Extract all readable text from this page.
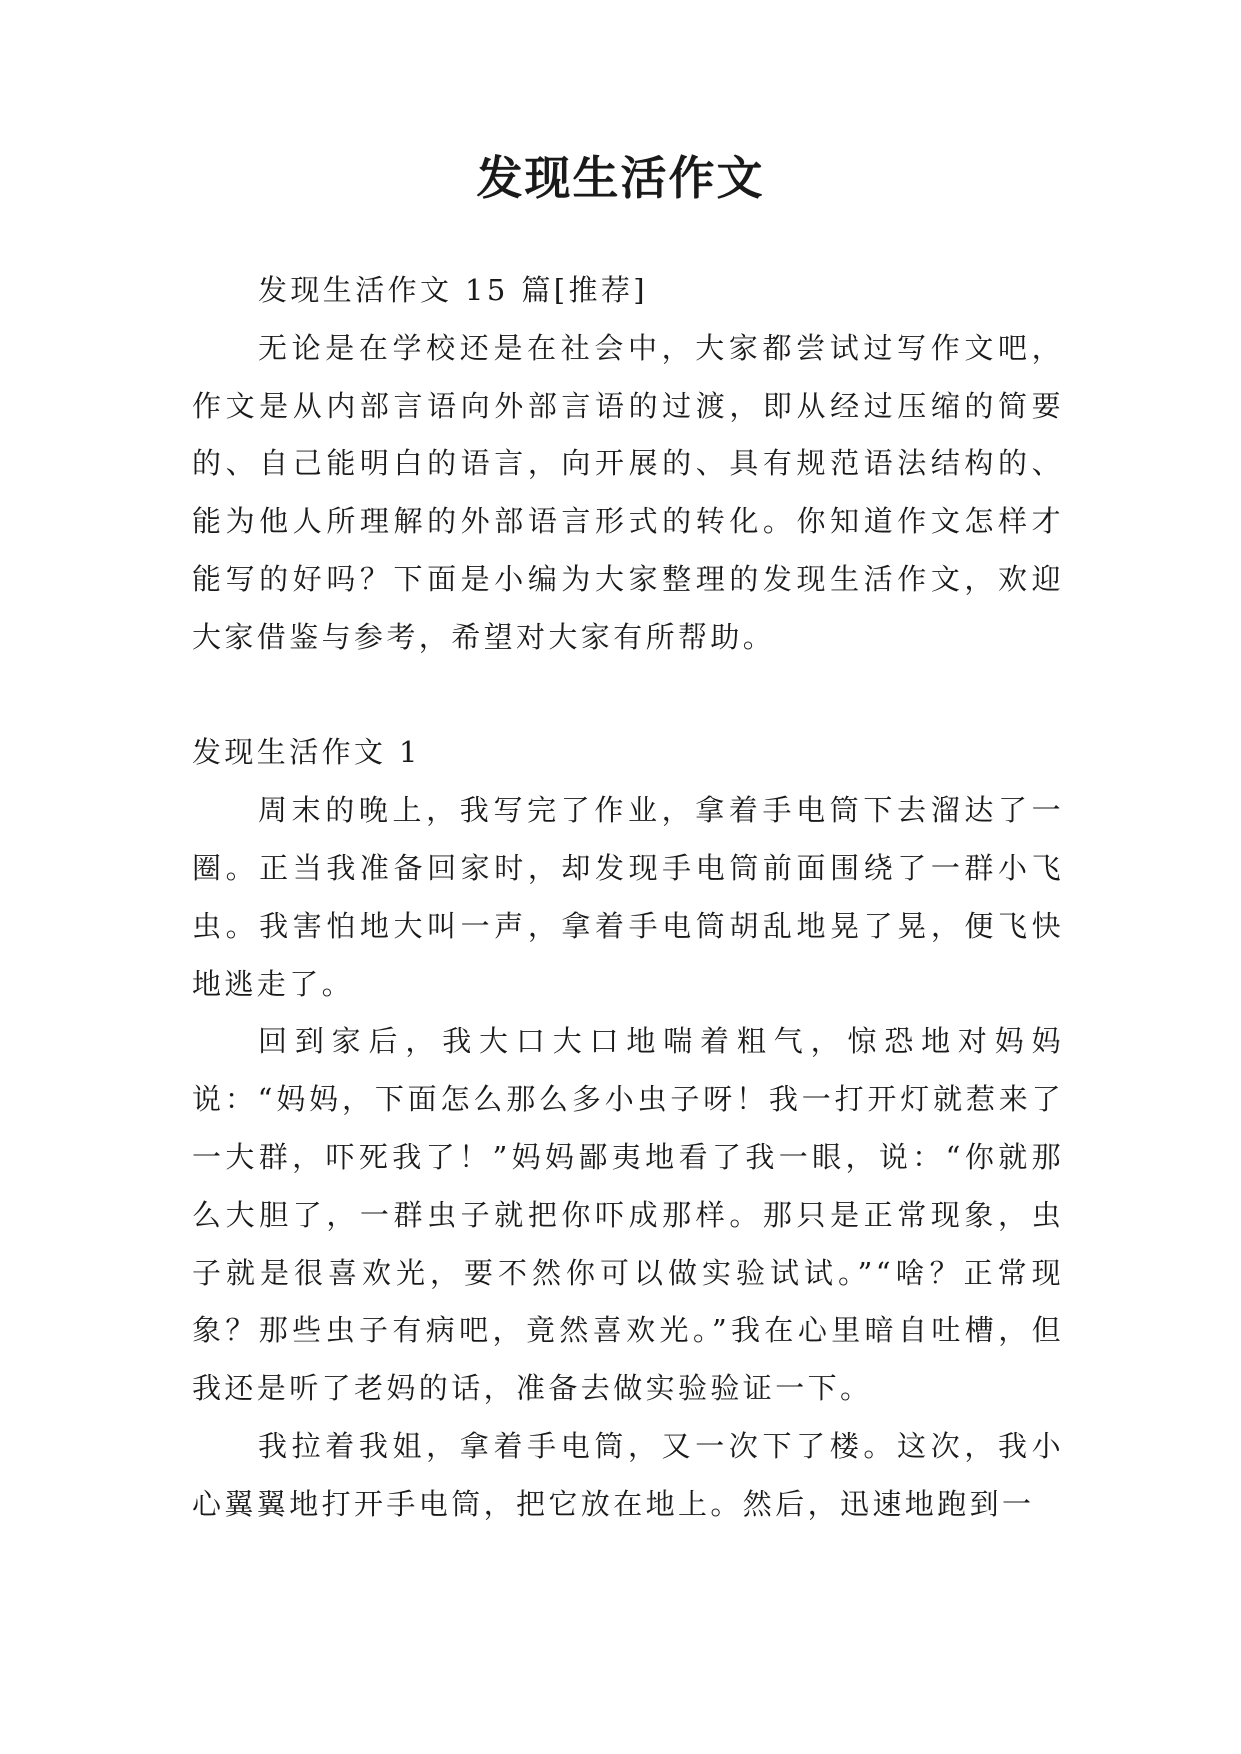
发现生活作文

发现生活作文 15 篇[推荐]

无论是在学校还是在社会中，大家都尝试过写作文吧，作文是从内部言语向外部言语的过渡，即从经过压缩的简要的、自己能明白的语言，向开展的、具有规范语法结构的、能为他人所理解的外部语言形式的转化。你知道作文怎样才能写的好吗？下面是小编为大家整理的发现生活作文，欢迎大家借鉴与参考，希望对大家有所帮助。

发现生活作文 1

周末的晚上，我写完了作业，拿着手电筒下去溜达了一圈。正当我准备回家时，却发现手电筒前面围绕了一群小飞虫。我害怕地大叫一声，拿着手电筒胡乱地晃了晃，便飞快地逃走了。

回到家后，我大口大口地喘着粗气，惊恐地对妈妈说：“妈妈，下面怎么那么多小虫子呀！我一打开灯就惹来了一大群，吓死我了！”妈妈鄙夷地看了我一眼，说：“你就那么大胆了，一群虫子就把你吓成那样。那只是正常现象，虫子就是很喜欢光，要不然你可以做实验试试。”“啥？正常现象？那些虫子有病吧，竟然喜欢光。”我在心里暗自吐槽，但我还是听了老妈的话，准备去做实验验证一下。

我拉着我姐，拿着手电筒，又一次下了楼。这次，我小心翼翼地打开手电筒，把它放在地上。然后，迅速地跑到一
